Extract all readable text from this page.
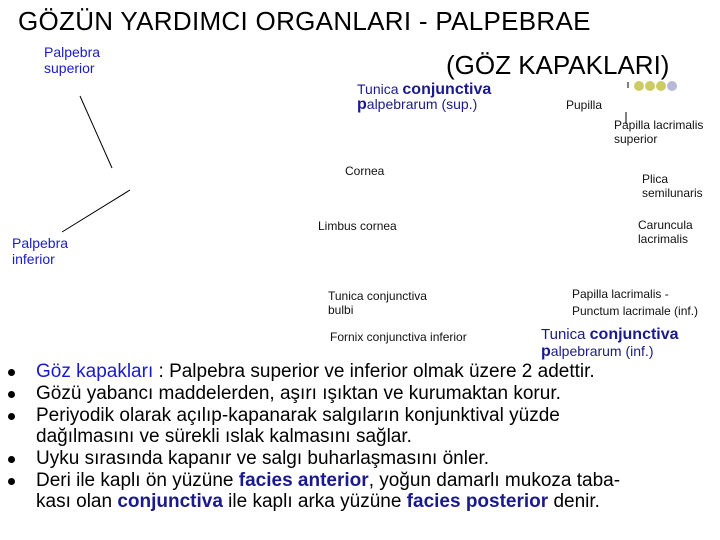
GÖZÜN YARDIMCI ORGANLARI - PALPEBRAE
(GÖZ KAPAKLARI)
Palpebra
superior
Tunica conjunctiva
palpebrarum (sup.)	Pupilla
Papilla lacrimalis
superior
Cornea
Plica
semilunaris
Limbus cornea	Caruncula
lacrimalis
Palpebra
inferior
Tunica conjunctiva
bulbi
Papilla lacrimalis -
Punctum lacrimale (inf.)
Fornix conjunctiva inferior	Tunica conjunctiva
palpebrarum (inf.)
Göz kapakları : Palpebra superior ve inferior olmak üzere 2 adettir.
Gözü yabancı maddelerden, aşırı ışıktan ve kurumaktan korur.
Periyodik olarak açılıp-kapanarak salgıların konjunktival yüzde
dağılmasını ve sürekli ıslak kalmasını sağlar.
Uyku sırasında kapanır ve salgı buharlaşmasını önler.
Deri ile kaplı ön yüzüne facies anterior, yoğun damarlı mukoza taba-
kası olan conjunctiva ile kaplı arka yüzüne facies posterior denir.
